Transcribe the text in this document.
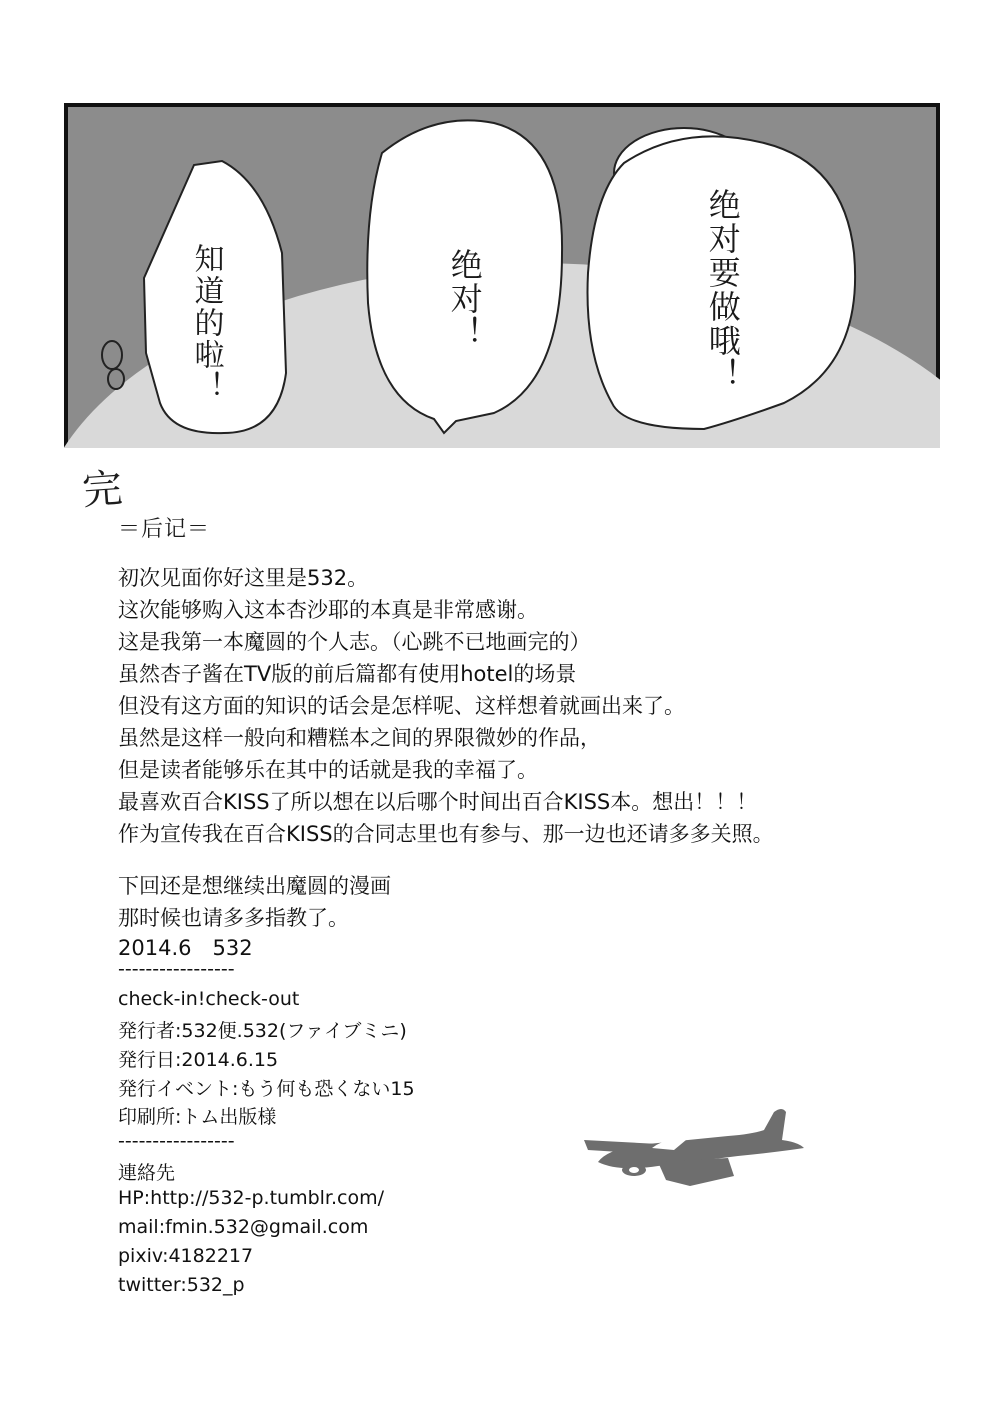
知道的啦！	绝对！	绝对要做哦！
完
＝后记＝

初次见面你好这里是532。

这次能够购入这本杏沙耶的本真是非常感谢。

这是我第一本魔圆的个人志。（心跳不已地画完的）

虽然杏子酱在TV版的前后篇都有使用hotel的场景

但没有这方面的知识的话会是怎样呢、这样想着就画出来了。

虽然是这样一般向和糟糕本之间的界限微妙的作品，

但是读者能够乐在其中的话就是我的幸福了。

最喜欢百合KISS了所以想在以后哪个时间出百合KISS本。想出！！！

作为宣传我在百合KISS的合同志里也有参与、那一边也还请多多关照。

下回还是想继续出魔圆的漫画

那时候也请多多指教了。

2014.6　532

-----------------

check-in!check-out

発行者:532便.532(ファイブミニ)

発行日:2014.6.15

発行イベント:もう何も恐くない15

印刷所:トム出版様

-----------------

連絡先

HP:http://532-p.tumblr.com/

mail:fmin.532@gmail.com

pixiv:4182217

twitter:532_p
